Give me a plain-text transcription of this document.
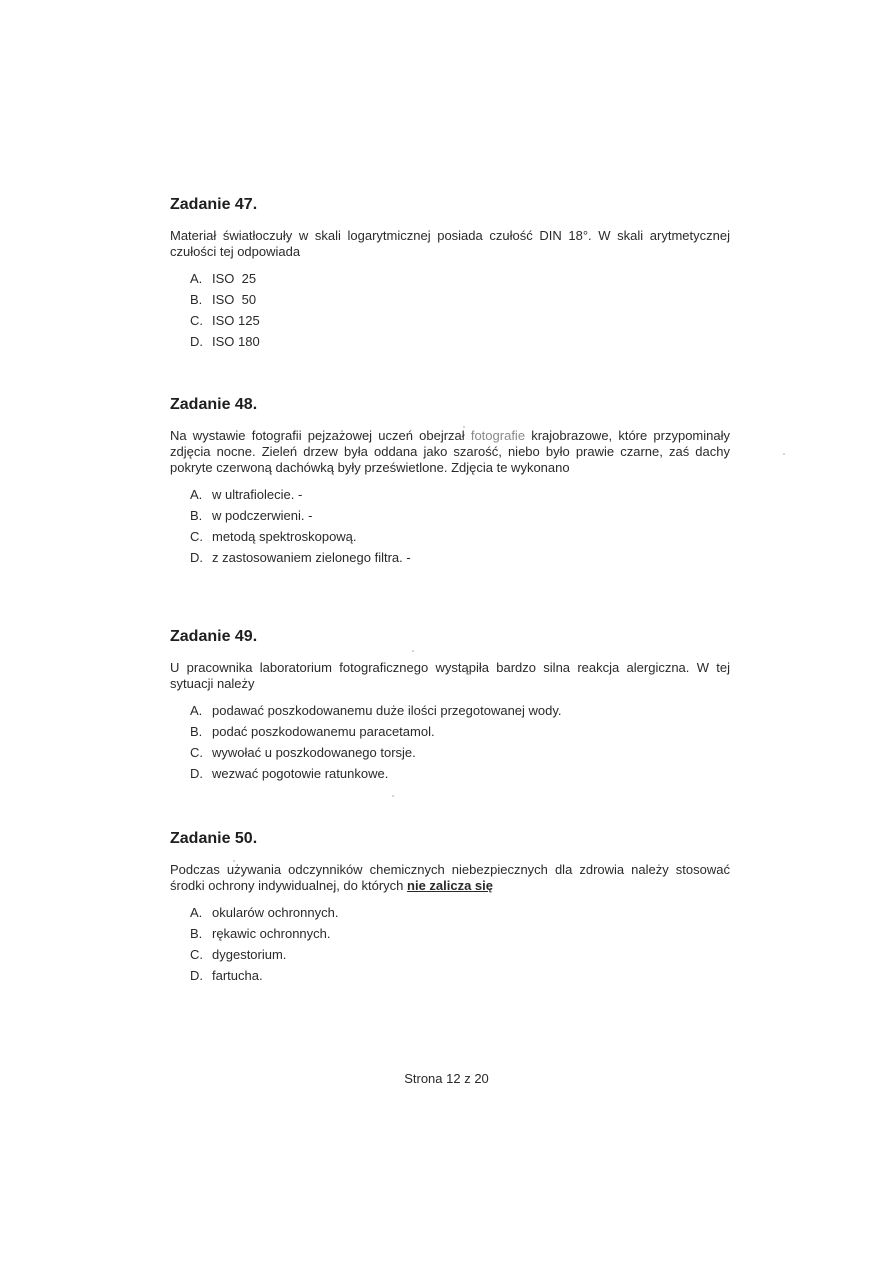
Zadanie 47.

Materiał światłoczuły w skali logarytmicznej posiada czułość DIN 18°. W skali arytmetycznej czułości tej odpowiada

A. ISO  25
B. ISO  50
C. ISO 125
D. ISO 180
Zadanie 48.

Na wystawie fotografii pejzażowej uczeń obejrzał fotografie krajobrazowe, które przypominały zdjęcia nocne. Zieleń drzew była oddana jako szarość, niebo było prawie czarne, zaś dachy pokryte czerwoną dachówką były prześwietlone. Zdjęcia te wykonano

A. w ultrafiolecie. -
B. w podczerwieni. -
C. metodą spektroskopową.
D. z zastosowaniem zielonego filtra. -
Zadanie 49.

U pracownika laboratorium fotograficznego wystąpiła bardzo silna reakcja alergiczna. W tej sytuacji należy

A. podawać poszkodowanemu duże ilości przegotowanej wody.
B. podać poszkodowanemu paracetamol.
C. wywołać u poszkodowanego torsje.
D. wezwać pogotowie ratunkowe.
Zadanie 50.

Podczas używania odczynników chemicznych niebezpiecznych dla zdrowia należy stosować środki ochrony indywidualnej, do których nie zalicza się

A. okularów ochronnych.
B. rękawic ochronnych.
C. dygestorium.
D. fartucha.
Strona 12 z 20
